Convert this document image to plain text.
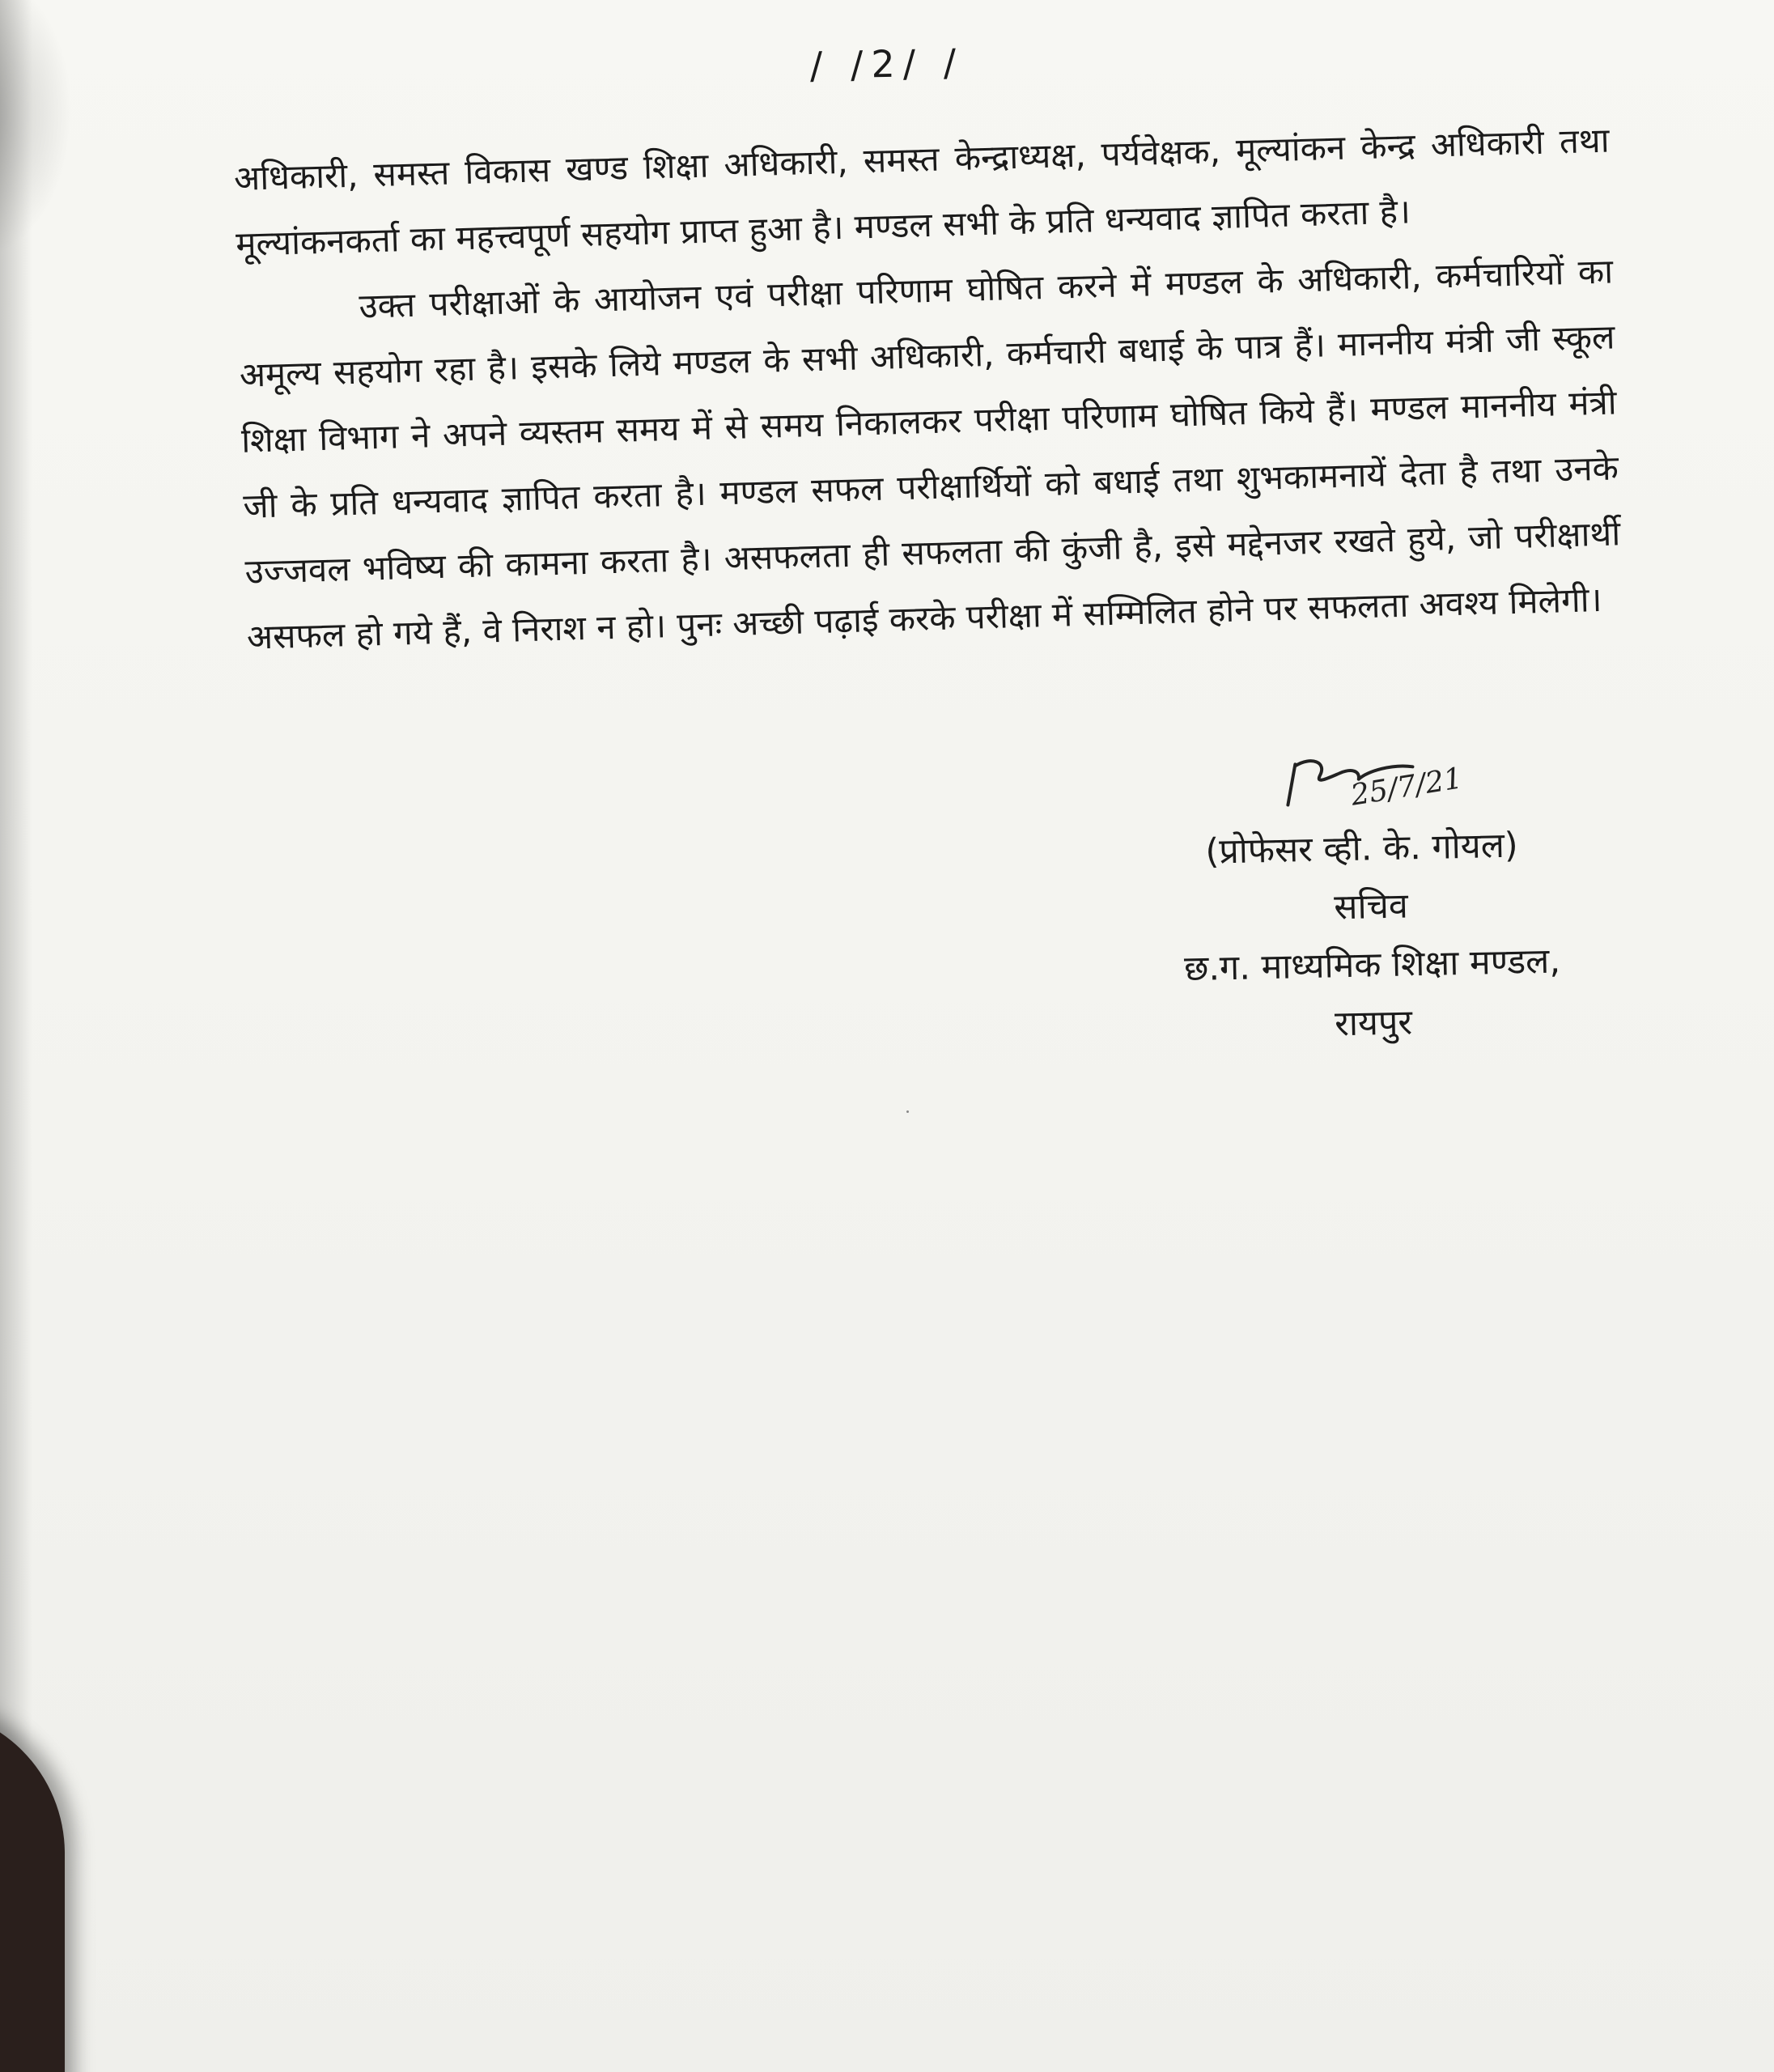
/ /2/ /

अधिकारी, समस्त विकास खण्ड शिक्षा अधिकारी, समस्त केन्द्राध्यक्ष, पर्यवेक्षक, मूल्यांकन केन्द्र अधिकारी तथा मूल्यांकनकर्ता का महत्त्वपूर्ण सहयोग प्राप्त हुआ है। मण्डल सभी के प्रति धन्यवाद ज्ञापित करता है।

उक्त परीक्षाओं के आयोजन एवं परीक्षा परिणाम घोषित करने में मण्डल के अधिकारी, कर्मचारियों का अमूल्य सहयोग रहा है। इसके लिये मण्डल के सभी अधिकारी, कर्मचारी बधाई के पात्र हैं। माननीय मंत्री जी स्कूल शिक्षा विभाग ने अपने व्यस्तम समय में से समय निकालकर परीक्षा परिणाम घोषित किये हैं। मण्डल माननीय मंत्री जी के प्रति धन्यवाद ज्ञापित करता है। मण्डल सफल परीक्षार्थियों को बधाई तथा शुभकामनायें देता है तथा उनके उज्जवल भविष्य की कामना करता है। असफलता ही सफलता की कुंजी है, इसे मद्देनजर रखते हुये, जो परीक्षार्थी असफल हो गये हैं, वे निराश न हो। पुनः अच्छी पढ़ाई करके परीक्षा में सम्मिलित होने पर सफलता अवश्य मिलेगी।

25/7/21
(प्रोफेसर व्ही. के. गोयल)
सचिव
छ.ग. माध्यमिक शिक्षा मण्डल,
रायपुर
